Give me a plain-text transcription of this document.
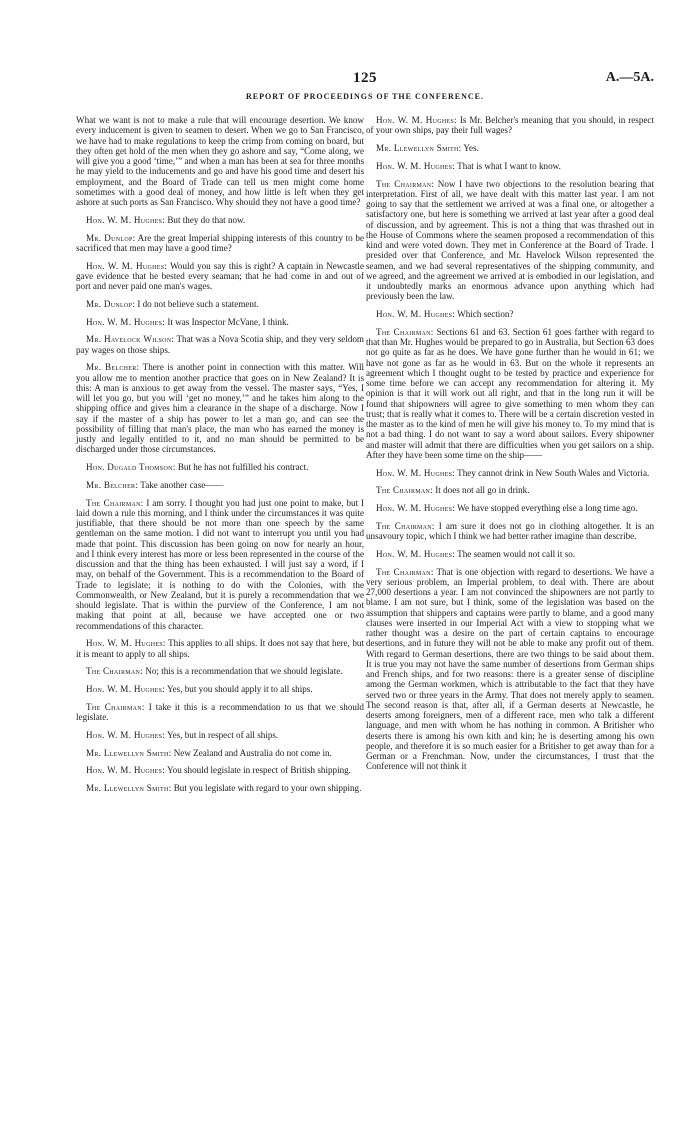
125	A.—5A.
REPORT OF PROCEEDINGS OF THE CONFERENCE.

What we want is not to make a rule that will encourage desertion. We know every inducement is given to seamen to desert. When we go to San Francisco, we have had to make regulations to keep the crimp from coming on board, but they often get hold of the men when they go ashore and say, “Come along, we will give you a good ‘time,’” and when a man has been at sea for three months he may yield to the inducements and go and have his good time and desert his employment, and the Board of Trade can tell us men might come home sometimes with a good deal of money, and how little is left when they get ashore at such ports as San Francisco. Why should they not have a good time?

Hon. W. M. Hughes: But they do that now.

Mr. Dunlop: Are the great Imperial shipping interests of this country to be sacrificed that men may have a good time?

Hon. W. M. Hughes: Would you say this is right? A captain in Newcastle gave evidence that he bested every seaman; that he had come in and out of port and never paid one man's wages.

Mr. Dunlop: I do not believe such a statement.

Hon. W. M. Hughes: It was Inspector McVane, I think.

Mr. Havelock Wilson: That was a Nova Scotia ship, and they very seldom pay wages on those ships.

Mr. Belcher: There is another point in connection with this matter. Will you allow me to mention another practice that goes on in New Zealand? It is this: A man is anxious to get away from the vessel. The master says, “Yes, I will let you go, but you will ‘get no money,’” and he takes him along to the shipping office and gives him a clearance in the shape of a discharge. Now I say if the master of a ship has power to let a man go, and can see the possibility of filling that man's place, the man who has earned the money is justly and legally entitled to it, and no man should be permitted to be discharged under those circumstances.

Hon. Dugald Thomson: But he has not fulfilled his contract.

Mr. Belcher: Take another case——

The Chairman: I am sorry. I thought you had just one point to make, but I laid down a rule this morning, and I think under the circumstances it was quite justifiable, that there should be not more than one speech by the same gentleman on the same motion. I did not want to interrupt you until you had made that point. This discussion has been going on now for nearly an hour, and I think every interest has more or less been represented in the course of the discussion and that the thing has been exhausted. I will just say a word, if I may, on behalf of the Government. This is a recommendation to the Board of Trade to legislate; it is nothing to do with the Colonies, with the Commonwealth, or New Zealand, but it is purely a recommendation that we should legislate. That is within the purview of the Conference, I am not making that point at all, because we have accepted one or two recommendations of this character.

Hon. W. M. Hughes: This applies to all ships. It does not say that here, but it is meant to apply to all ships.

The Chairman: No; this is a recommendation that we should legislate.

Hon. W. M. Hughes: Yes, but you should apply it to all ships.

The Chairman: I take it this is a recommendation to us that we should legislate.

Hon. W. M. Hughes: Yes, but in respect of all ships.

Mr. Llewellyn Smith: New Zealand and Australia do not come in.

Hon. W. M. Hughes: You should legislate in respect of British shipping.

Mr. Llewellyn Smith: But you legislate with regard to your own shipping.

Hon. W. M. Hughes: Is Mr. Belcher's meaning that you should, in respect of your own ships, pay their full wages?

Mr. Llewellyn Smith: Yes.

Hon. W. M. Hughes: That is what I want to know.

The Chairman: Now I have two objections to the resolution bearing that interpretation. First of all, we have dealt with this matter last year. I am not going to say that the settlement we arrived at was a final one, or altogether a satisfactory one, but here is something we arrived at last year after a good deal of discussion, and by agreement. This is not a thing that was thrashed out in the House of Commons where the seamen proposed a recommendation of this kind and were voted down. They met in Conference at the Board of Trade. I presided over that Conference, and Mr. Havelock Wilson represented the seamen, and we had several representatives of the shipping community, and we agreed, and the agreement we arrived at is embodied in our legislation, and it undoubtedly marks an enormous advance upon anything which had previously been the law.

Hon. W. M. Hughes: Which section?

The Chairman: Sections 61 and 63. Section 61 goes farther with regard to that than Mr. Hughes would be prepared to go in Australia, but Section 63 does not go quite as far as he does. We have gone further than he would in 61; we have not gone as far as he would in 63. But on the whole it represents an agreement which I thought ought to be tested by practice and experience for some time before we can accept any recommendation for altering it. My opinion is that it will work out all right, and that in the long run it will be found that shipowners will agree to give something to men whom they can trust; that is really what it comes to. There will be a certain discretion vested in the master as to the kind of men he will give his money to. To my mind that is not a bad thing. I do not want to say a word about sailors. Every shipowner and master will admit that there are difficulties when you get sailors on a ship. After they have been some time on the ship——

Hon. W. M. Hughes: They cannot drink in New South Wales and Victoria.

The Chairman: It does not all go in drink.

Hon. W. M. Hughes: We have stopped everything else a long time ago.

The Chairman: I am sure it does not go in clothing altogether. It is an unsavoury topic, which I think we had better rather imagine than describe.

Hon. W. M. Hughes: The seamen would not call it so.

The Chairman: That is one objection with regard to desertions. We have a very serious problem, an Imperial problem, to deal with. There are about 27,000 desertions a year. I am not convinced the shipowners are not partly to blame. I am not sure, but I think, some of the legislation was based on the assumption that shippers and captains were partly to blame, and a good many clauses were inserted in our Imperial Act with a view to stopping what we rather thought was a desire on the part of certain captains to encourage desertions, and in future they will not be able to make any profit out of them. With regard to German desertions, there are two things to be said about them. It is true you may not have the same number of desertions from German ships and French ships, and for two reasons: there is a greater sense of discipline among the German workmen, which is attributable to the fact that they have served two or three years in the Army. That does not merely apply to seamen. The second reason is that, after all, if a German deserts at Newcastle, he deserts among foreigners, men of a different race, men who talk a different language, and men with whom he has nothing in common. A Britisher who deserts there is among his own kith and kin; he is deserting among his own people, and therefore it is so much easier for a Britisher to get away than for a German or a Frenchman. Now, under the circumstances, I trust that the Conference will not think it
